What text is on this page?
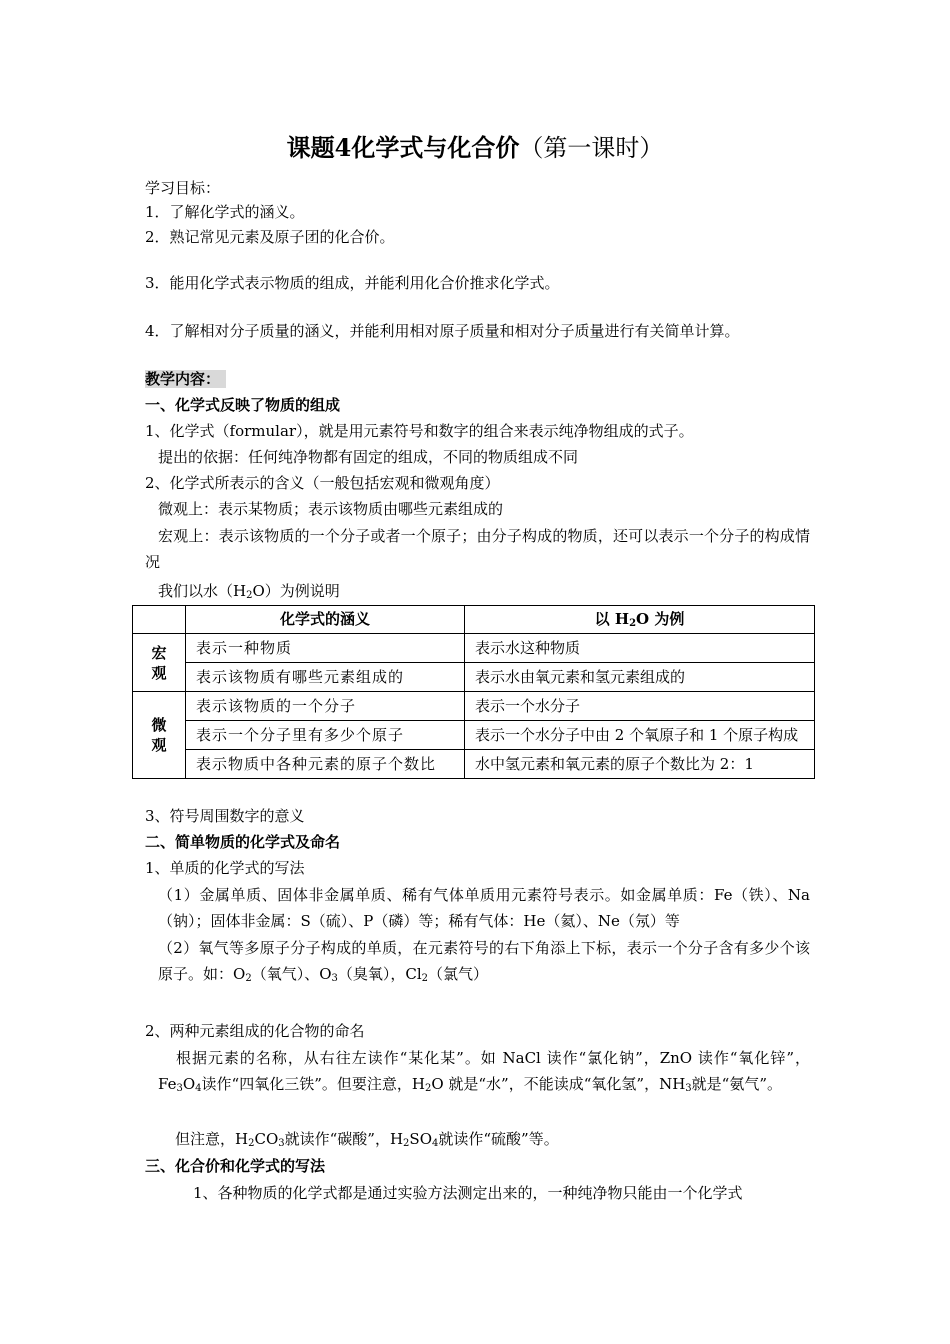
课题4化学式与化合价（第一课时）
学习目标：
1．了解化学式的涵义。
2．熟记常见元素及原子团的化合价。
3．能用化学式表示物质的组成，并能利用化合价推求化学式。
4．了解相对分子质量的涵义，并能利用相对原子质量和相对分子质量进行有关简单计算。
教学内容：
一、化学式反映了物质的组成
1、化学式（formular），就是用元素符号和数字的组合来表示纯净物组成的式子。
提出的依据：任何纯净物都有固定的组成，不同的物质组成不同
2、化学式所表示的含义（一般包括宏观和微观角度）
微观上：表示某物质；表示该物质由哪些元素组成的
宏观上：表示该物质的一个分子或者一个原子；由分子构成的物质，还可以表示一个分子的构成情况
我们以水$(H_2O)$为例说明
	化学式的涵义	以 $H_2O$ 为例
宏观	表示一种物质	表示水这种物质
	表示该物质有哪些元素组成的	表示水由氧元素和氢元素组成的
微观	表示该物质的一个分子	表示一个水分子
	表示一个分子里有多少个原子	表示一个水分子中由 2 个氧原子和 1 个原子构成
	表示物质中各种元素的原子个数比	水中氢元素和氧元素的原子个数比为 2：1
3、符号周围数字的意义
二、简单物质的化学式及命名
1、单质的化学式的写法
（1）金属单质、固体非金属单质、稀有气体单质用元素符号表示。如金属单质：Fe（铁）、Na（钠）；固体非金属：S（硫）、P（磷）等；稀有气体：He（氦）、Ne（氖）等
（2）氧气等多原子分子构成的单质，在元素符号的右下角添上下标，表示一个分子含有多少个该原子。如：$O_2$（氧气）、$O_3$（臭氧），$Cl_2$（氯气）
2、两种元素组成的化合物的命名
根据元素的名称，从右往左读作“某化某”。如 NaCl 读作“氯化钠”，ZnO 读作“氧化锌”，$Fe_3O_4$读作“四氧化三铁”。但要注意，$H_2O$ 就是“水”，不能读成“氧化氢”，$NH_3$就是“氨气”。
但注意，$H_2CO_3$就读作“碳酸”，$H_2SO_4$就读作“硫酸”等。
三、化合价和化学式的写法
1、各种物质的化学式都是通过实验方法测定出来的，一种纯净物只能由一个化学式
